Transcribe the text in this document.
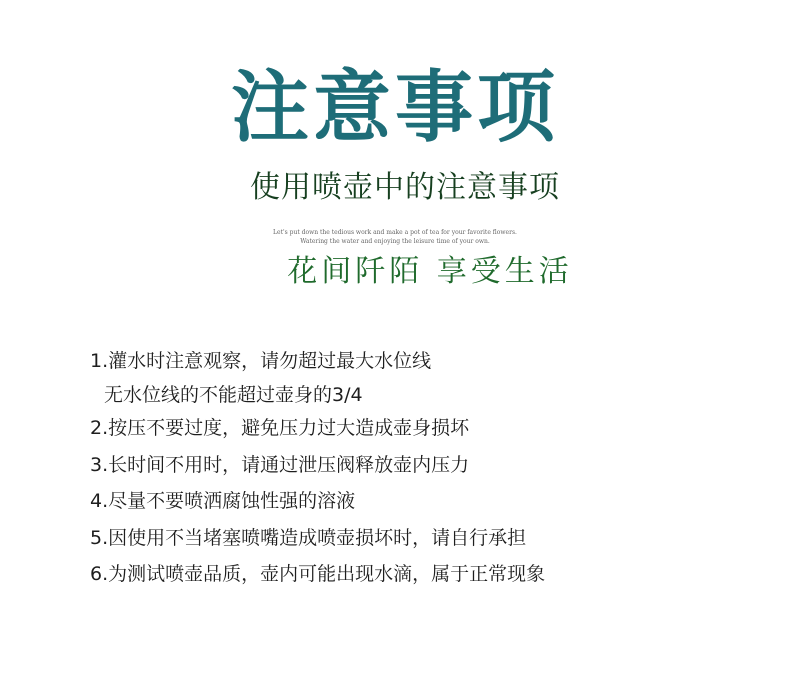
注意事项
使用喷壶中的注意事项
Let's put down the tedious work and make a pot of tea for your favorite flowers.
Watering the water and enjoying the leisure time of your own.
花间阡陌 享受生活
1.灌水时注意观察，请勿超过最大水位线
无水位线的不能超过壶身的3/4
2.按压不要过度，避免压力过大造成壶身损坏
3.长时间不用时，请通过泄压阀释放壶内压力
4.尽量不要喷洒腐蚀性强的溶液
5.因使用不当堵塞喷嘴造成喷壶损坏时，请自行承担
6.为测试喷壶品质，壶内可能出现水滴，属于正常现象
